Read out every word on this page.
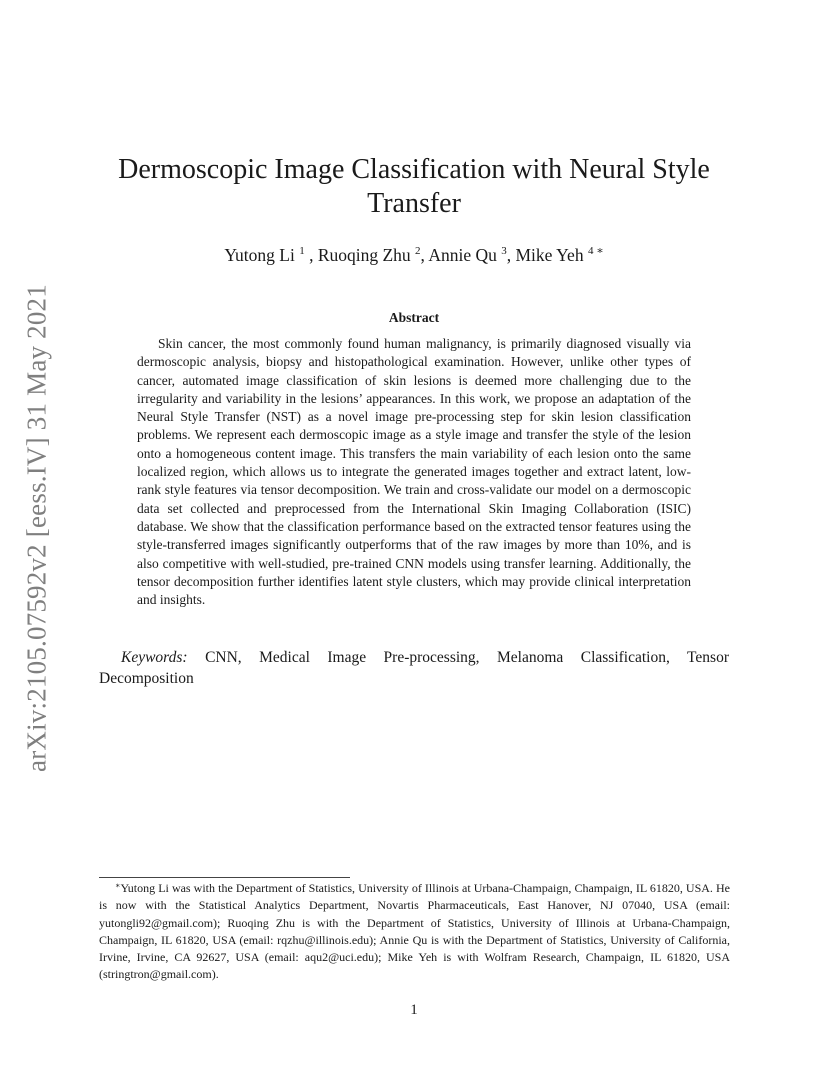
arXiv:2105.07592v2 [eess.IV] 31 May 2021
Dermoscopic Image Classification with Neural Style Transfer
Yutong Li $^1$ , Ruoqing Zhu $^2$, Annie Qu $^3$, Mike Yeh $^{4 ∗}$
Abstract

Skin cancer, the most commonly found human malignancy, is primarily diagnosed visually via dermoscopic analysis, biopsy and histopathological examination. However, unlike other types of cancer, automated image classification of skin lesions is deemed more challenging due to the irregularity and variability in the lesions’ appearances. In this work, we propose an adaptation of the Neural Style Transfer (NST) as a novel image pre-processing step for skin lesion classification problems. We represent each dermoscopic image as a style image and transfer the style of the lesion onto a homogeneous content image. This transfers the main variability of each lesion onto the same localized region, which allows us to integrate the generated images together and extract latent, low-rank style features via tensor decomposition. We train and cross-validate our model on a dermoscopic data set collected and preprocessed from the International Skin Imaging Collaboration (ISIC) database. We show that the classification performance based on the extracted tensor features using the style-transferred images significantly outperforms that of the raw images by more than 10%, and is also competitive with well-studied, pre-trained CNN models using transfer learning. Additionally, the tensor decomposition further identifies latent style clusters, which may provide clinical interpretation and insights.

Keywords: CNN, Medical Image Pre-processing, Melanoma Classification, Tensor Decomposition

∗Yutong Li was with the Department of Statistics, University of Illinois at Urbana-Champaign, Champaign, IL 61820, USA. He is now with the Statistical Analytics Department, Novartis Pharmaceuticals, East Hanover, NJ 07040, USA (email: yutongli92@gmail.com); Ruoqing Zhu is with the Department of Statistics, University of Illinois at Urbana-Champaign, Champaign, IL 61820, USA (email: rqzhu@illinois.edu); Annie Qu is with the Department of Statistics, University of California, Irvine, Irvine, CA 92627, USA (email: aqu2@uci.edu); Mike Yeh is with Wolfram Research, Champaign, IL 61820, USA (stringtron@gmail.com).

1
